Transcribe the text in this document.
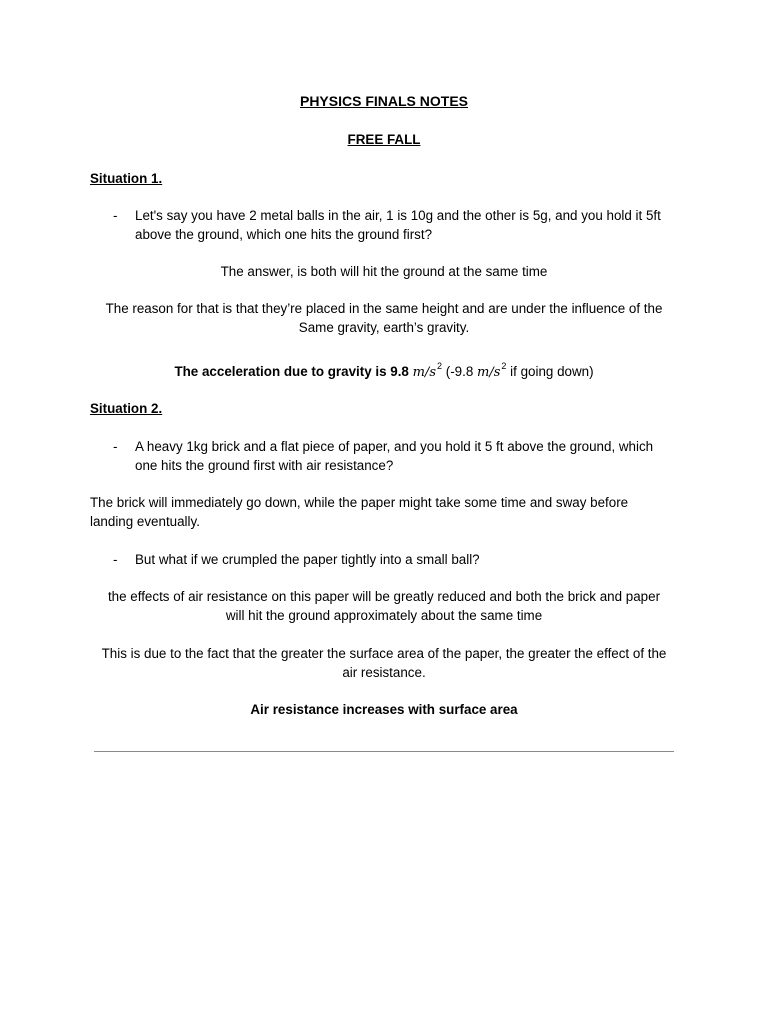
PHYSICS FINALS NOTES
FREE FALL
Situation 1.
- Let's say you have 2 metal balls in the air, 1 is 10g and the other is 5g, and you hold it 5ft
above the ground, which one hits the ground first?
The answer, is both will hit the ground at the same time
The reason for that is that they’re placed in the same height and are under the influence of the
Same gravity, earth’s gravity.
The acceleration due to gravity is 9.8 $m/s^2$ (-9.8 $m/s^2$ if going down)
Situation 2.
- A heavy 1kg brick and a flat piece of paper, and you hold it 5 ft above the ground, which
one hits the ground first with air resistance?
The brick will immediately go down, while the paper might take some time and sway before
landing eventually.
- But what if we crumpled the paper tightly into a small ball?
the effects of air resistance on this paper will be greatly reduced and both the brick and paper
will hit the ground approximately about the same time
This is due to the fact that the greater the surface area of the paper, the greater the effect of the
air resistance.
Air resistance increases with surface area
